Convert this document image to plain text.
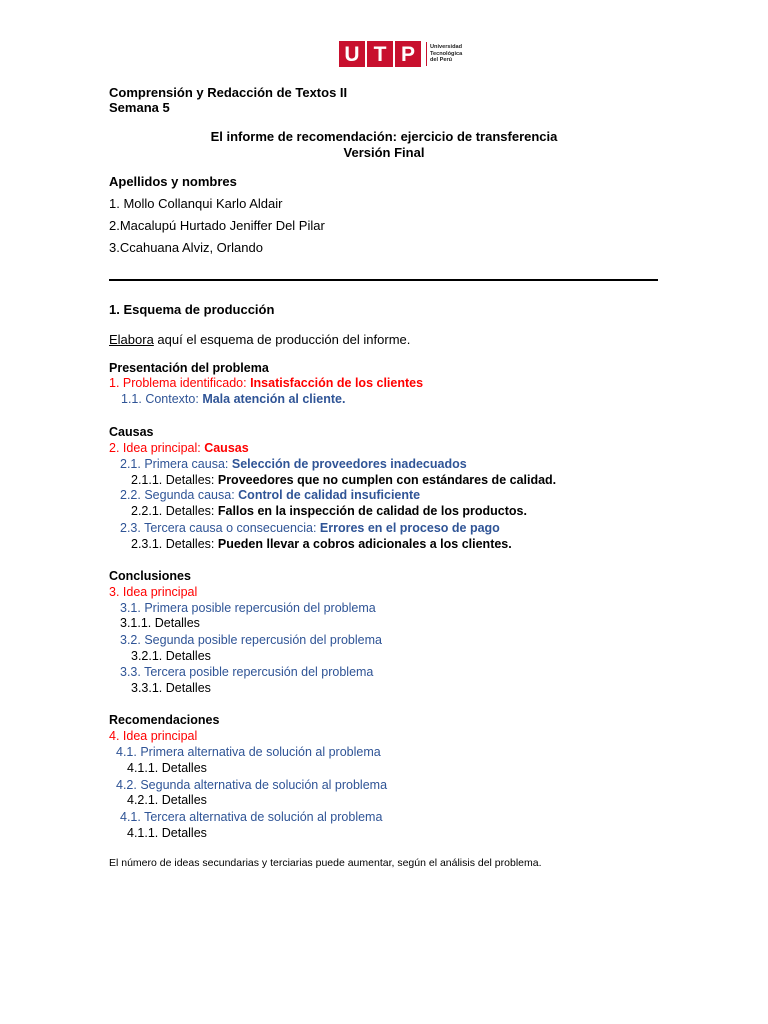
U T P	Universidad
Tecnológica
del Perú
Comprensión y Redacción de Textos II
Semana 5
El informe de recomendación: ejercicio de transferencia
Versión Final
Apellidos y nombres
1. Mollo Collanqui Karlo Aldair
2.Macalupú Hurtado Jeniffer Del Pilar
3.Ccahuana Alviz, Orlando
1. Esquema de producción
Elabora aquí el esquema de producción del informe.
Presentación del problema
1. Problema identificado: Insatisfacción de los clientes
1.1. Contexto: Mala atención al cliente.
Causas
2. Idea principal: Causas
2.1. Primera causa: Selección de proveedores inadecuados
2.1.1. Detalles: Proveedores que no cumplen con estándares de calidad.
2.2. Segunda causa: Control de calidad insuficiente
2.2.1. Detalles: Fallos en la inspección de calidad de los productos.
2.3. Tercera causa o consecuencia: Errores en el proceso de pago
2.3.1. Detalles: Pueden llevar a cobros adicionales a los clientes.
Conclusiones
3. Idea principal
3.1. Primera posible repercusión del problema
3.1.1. Detalles
3.2. Segunda posible repercusión del problema
3.2.1. Detalles
3.3. Tercera posible repercusión del problema
3.3.1. Detalles
Recomendaciones
4. Idea principal
4.1. Primera alternativa de solución al problema
4.1.1. Detalles
4.2. Segunda alternativa de solución al problema
4.2.1. Detalles
4.1. Tercera alternativa de solución al problema
4.1.1. Detalles
El número de ideas secundarias y terciarias puede aumentar, según el análisis del problema.
